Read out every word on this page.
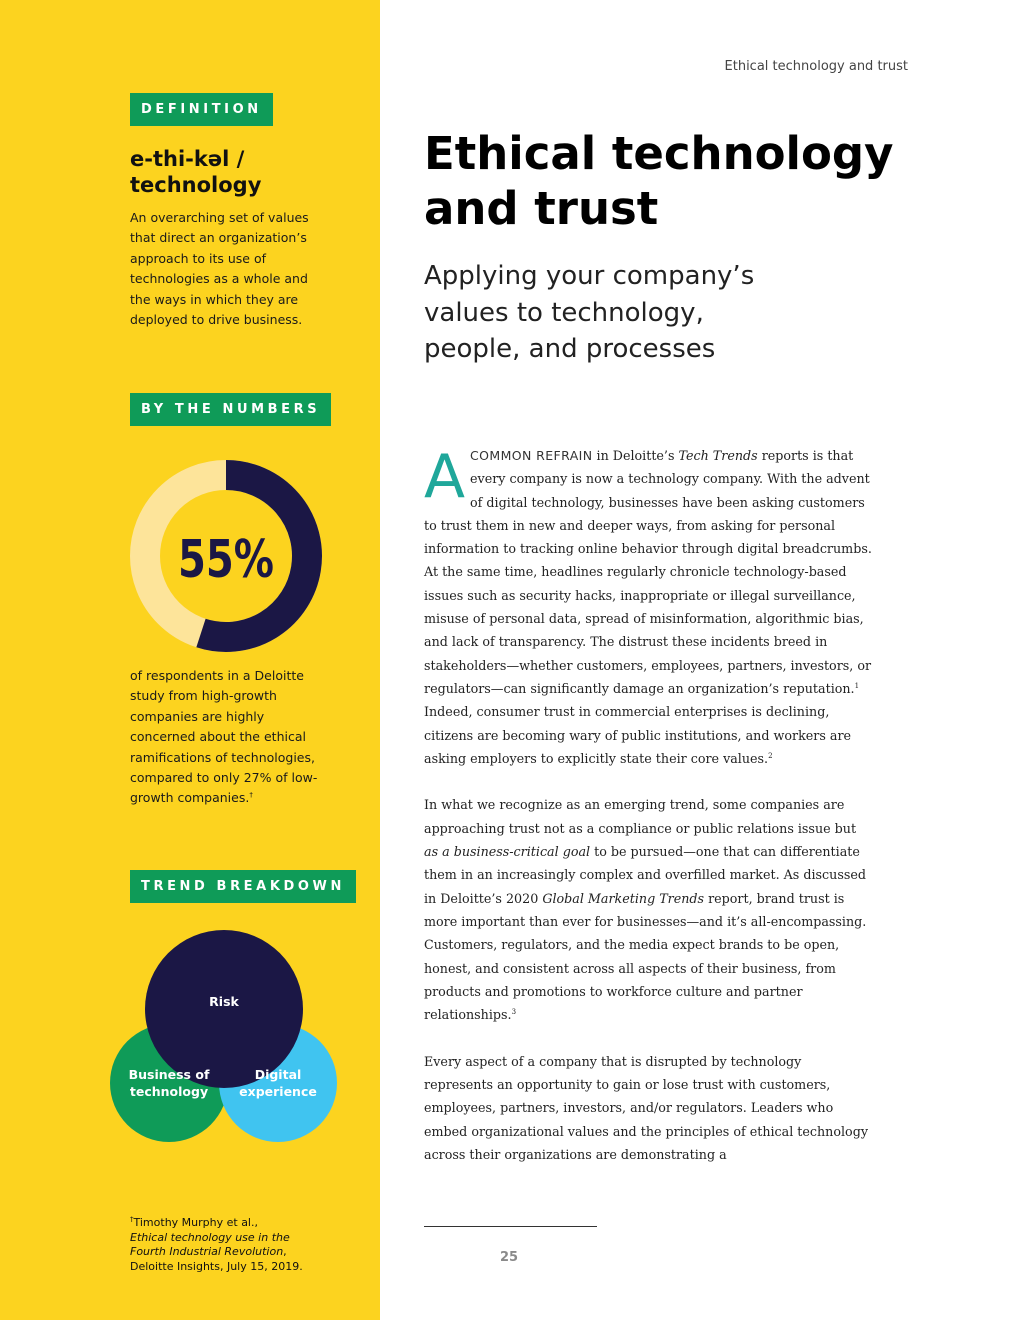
DEFINITION
e-thi-kəl /
technology
An overarching set of values that direct an organization’s approach to its use of technologies as a whole and the ways in which they are deployed to drive business.
BY THE NUMBERS
55%
of respondents in a Deloitte study from high-growth companies are highly concerned about the ethical ramifications of technologies, compared to only 27% of low-growth companies.†
TREND BREAKDOWN
Risk
Business of
technology
Digital
experience
†Timothy Murphy et al.,
Ethical technology use in the
Fourth Industrial Revolution,
Deloitte Insights, July 15, 2019.
Ethical technology and trust
Ethical technology
and trust
Applying your company’s
values to technology,
people, and processes

ACOMMON REFRAIN in Deloitte’s Tech Trends reports is that every company is now a technology company. With the advent of digital technology, businesses have been asking customers to trust them in new and deeper ways, from asking for personal information to tracking online behavior through digital breadcrumbs. At the same time, headlines regularly chronicle technology-based issues such as security hacks, inappropriate or illegal surveillance, misuse of personal data, spread of misinformation, algorithmic bias, and lack of transparency. The distrust these incidents breed in stakeholders—whether customers, employees, partners, investors, or regulators—can significantly damage an organization’s reputation.$^1$ Indeed, consumer trust in commercial enterprises is declining, citizens are becoming wary of public institutions, and workers are asking employers to explicitly state their core values.$^2$

In what we recognize as an emerging trend, some companies are approaching trust not as a compliance or public relations issue but as a business-critical goal to be pursued—one that can differentiate them in an increasingly complex and overfilled market. As discussed in Deloitte’s 2020 Global Marketing Trends report, brand trust is more important than ever for businesses—and it’s all-encompassing. Customers, regulators, and the media expect brands to be open, honest, and consistent across all aspects of their business, from products and promotions to workforce culture and partner relationships.$^3$

Every aspect of a company that is disrupted by technology represents an opportunity to gain or lose trust with customers, employees, partners, investors, and/or regulators. Leaders who embed organizational values and the principles of ethical technology across their organizations are demonstrating a

25
